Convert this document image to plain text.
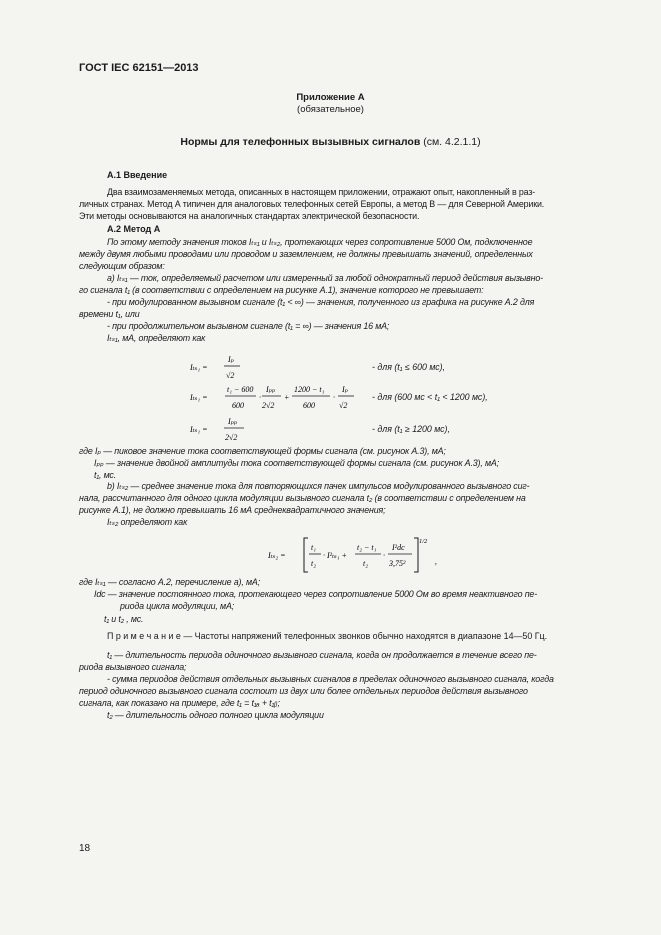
ГОСТ IEC 62151—2013
Приложение А
(обязательное)
Нормы для телефонных вызывных сигналов (см. 4.2.1.1)
А.1 Введение
Два взаимозаменяемых метода, описанных в настоящем приложении, отражают опыт, накопленный в раз-
личных странах. Метод А типичен для аналоговых телефонных сетей Европы, а метод В — для Северной Америки.
Эти методы основываются на аналогичных стандартах электрической безопасности.
А.2 Метод А
По этому методу значения токов Iₜₛ₁ и Iₜₛ₂, протекающих через сопротивление 5000 Ом, подключенное
между двумя любыми проводами или проводом и заземлением, не должны превышать значений, определенных
следующим образом:
а) Iₜₛ₁ — ток, определяемый расчетом или измеренный за любой однократный период действия вызывно-
го сигнала t₁ (в соответствии с определением на рисунке А.1), значение которого не превышает:
- при модулированном вызывном сигнале (t₁ < ∞) — значения, полученного из графика на рисунке А.2 для
времени t₁, или
- при продолжительном вызывном сигнале (t₁ = ∞) — значения 16 мА;
Iₜₛ₁, мА, определяют как
Iₜₛ₁ =
Iₚ
√2
- для (t₁ ≤ 600 мс),
Iₜₛ₁ =
t₁ − 600
600
·
Iₚₚ
2√2
+
1200 − t₁
600
·
Iₚ
√2
- для (600 мс < t₁ < 1200 мс),
Iₜₛ₁ =
Iₚₚ
2√2
- для (t₁ ≥ 1200 мс),
где Iₚ — пиковое значение тока соответствующей формы сигнала (см. рисунок А.3), мА;
Iₚₚ — значение двойной амплитуды тока соответствующей формы сигнала (см. рисунок А.3), мА;
t₁, мс.
b) Iₜₛ₂ — среднее значение тока для повторяющихся пачек импульсов модулированного вызывного сиг-
нала, рассчитанного для одного цикла модуляции вызывного сигнала t₂ (в соответствии с определением на
рисунке А.1), не должно превышать 16 мА среднеквадратичного значения;
Iₜₛ₂ определяют как
Iₜₛ₂ =
t₁
t₂
· I²ₜₛ₁ +
t₂ − t₁
t₂
·
I²dc
3,75²
1/2
,
где Iₜₛ₁ — согласно А.2, перечисление а), мА;
Idc — значение постоянного тока, протекающего через сопротивление 5000 Ом во время неактивного пе-
риода цикла модуляции, мА;
t₁ и t₂ , мс.
П р и м е ч а н и е — Частоты напряжений телефонных звонков обычно находятся в диапазоне 14—50 Гц.
t₁ — длительность периода одиночного вызывного сигнала, когда он продолжается в течение всего пе-
риода вызывного сигнала;
- сумма периодов действия отдельных вызывных сигналов в пределах одиночного вызывного сигнала, когда
период одиночного вызывного сигнала состоит из двух или более отдельных периодов действия вызывного
сигнала, как показано на примере, где t₁ = t₁ₐ + t₁ᵦ;
t₂ — длительность одного полного цикла модуляции
18
